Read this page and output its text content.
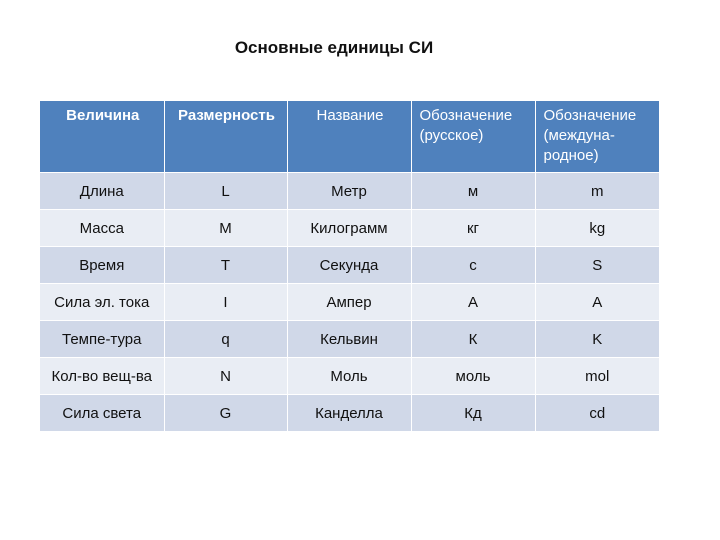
Основные единицы СИ
Величина	Размерность	Название	Обозначение (русское)	Обозначение (междуна-родное)
Длина	L	Метр	м	m
Масса	M	Килограмм	кг	kg
Время	T	Секунда	с	S
Сила эл. тока	I	Ампер	А	A
Темпе-тура	q	Кельвин	К	K
Кол-во вещ-ва	N	Моль	моль	mol
Сила света	G	Канделла	Кд	cd
